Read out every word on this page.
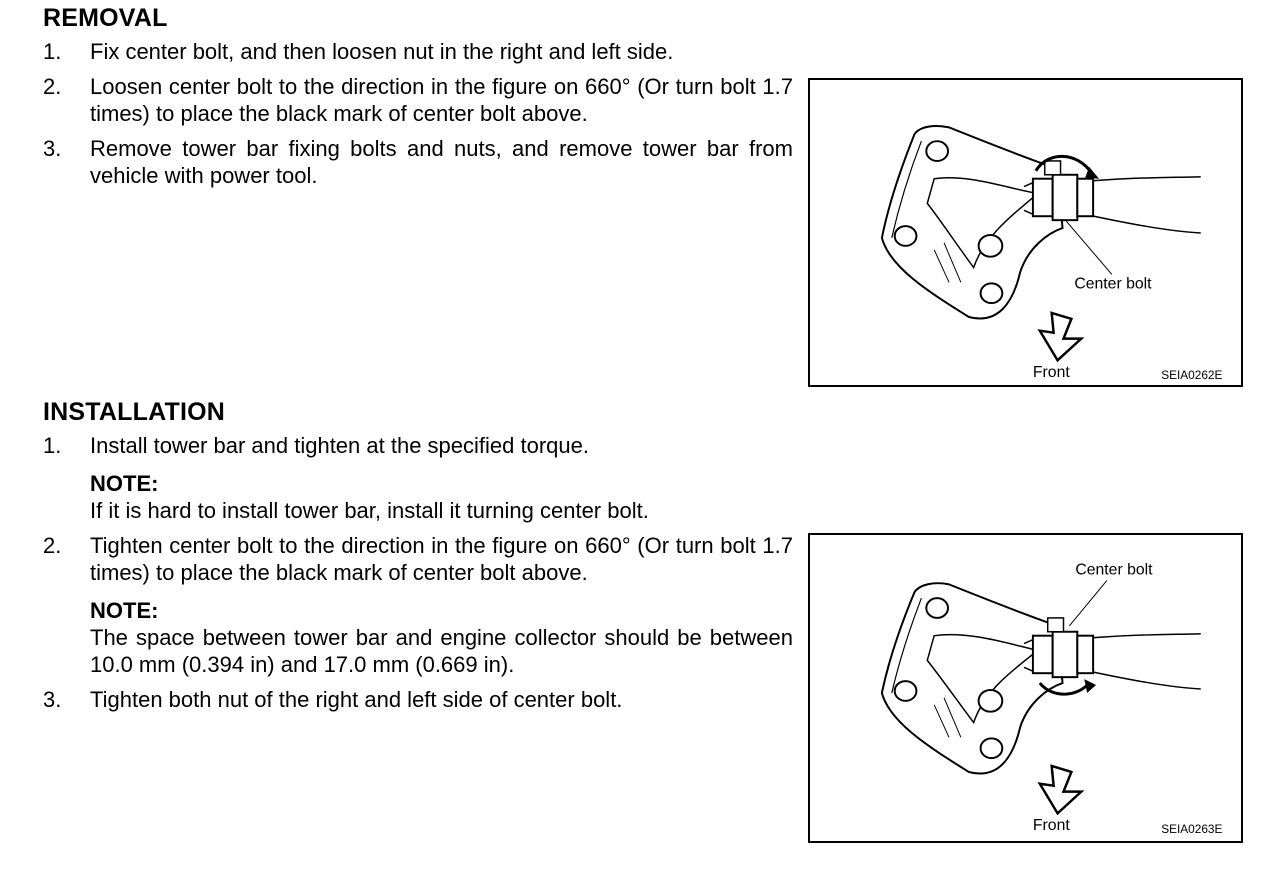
REMOVAL
1. Fix center bolt, and then loosen nut in the right and left side.
2. Loosen center bolt to the direction in the figure on 660° (Or turn bolt 1.7 times) to place the black mark of center bolt above.
3. Remove tower bar fixing bolts and nuts, and remove tower bar from vehicle with power tool.
Center bolt
Front	SEIA0262E
INSTALLATION
1. Install tower bar and tighten at the specified torque.
NOTE:
If it is hard to install tower bar, install it turning center bolt.
2. Tighten center bolt to the direction in the figure on 660° (Or turn bolt 1.7 times) to place the black mark of center bolt above.
NOTE:
The space between tower bar and engine collector should be between 10.0 mm (0.394 in) and 17.0 mm (0.669 in).
3. Tighten both nut of the right and left side of center bolt.
Center bolt
Front	SEIA0263E
